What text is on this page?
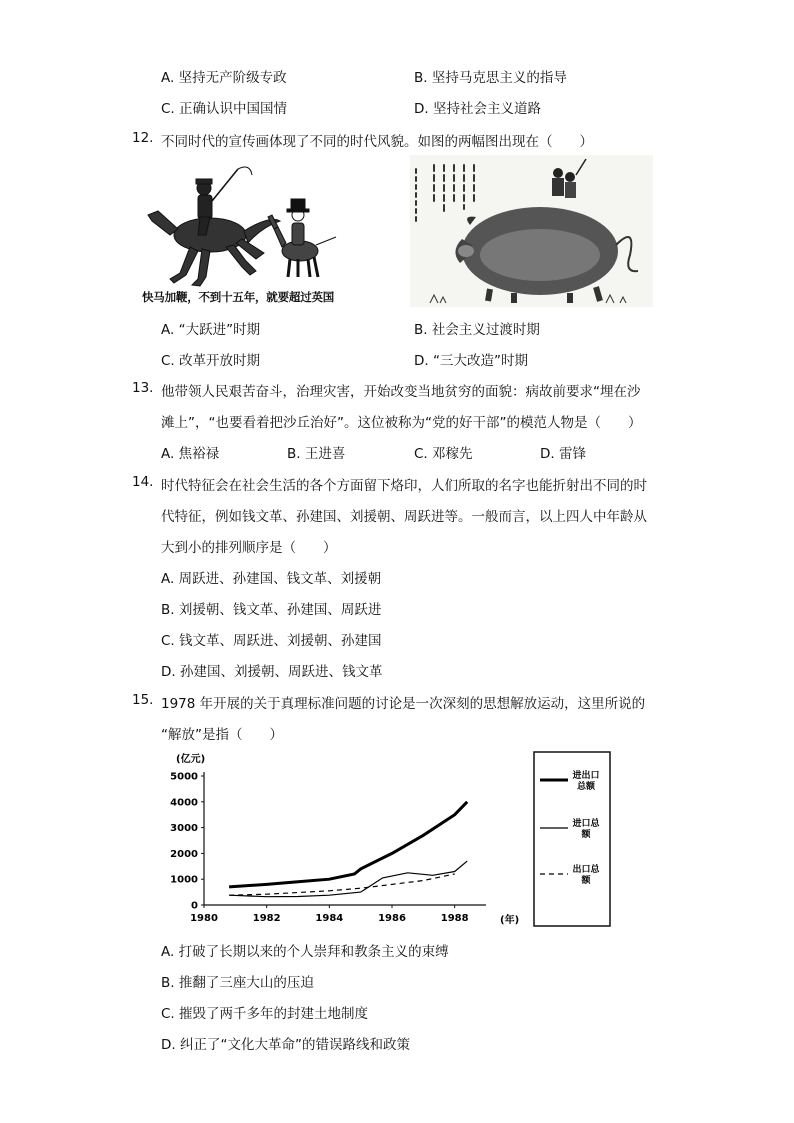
A. 坚持无产阶级专政	B. 坚持马克思主义的指导
C. 正确认识中国国情	D. 坚持社会主义道路
12. 不同时代的宣传画体现了不同的时代风貌。如图的两幅图出现在（　　）
快马加鞭，不到十五年，就要超过英国
A. “大跃进”时期	B. 社会主义过渡时期
C. 改革开放时期	D. “三大改造”时期
13. 他带领人民艰苦奋斗，治理灾害，开始改变当地贫穷的面貌：病故前要求“埋在沙
滩上”，“也要看着把沙丘治好”。这位被称为“党的好干部”的模范人物是（　　）
A. 焦裕禄	B. 王进喜	C. 邓稼先	D. 雷锋
14. 时代特征会在社会生活的各个方面留下烙印，人们所取的名字也能折射出不同的时
代特征，例如钱文革、孙建国、刘援朝、周跃进等。一般而言，以上四人中年龄从
大到小的排列顺序是（　　）
A. 周跃进、孙建国、钱文革、刘援朝
B. 刘援朝、钱文革、孙建国、周跃进
C. 钱文革、周跃进、刘援朝、孙建国
D. 孙建国、刘援朝、周跃进、钱文革
15. 1978 年开展的关于真理标准问题的讨论是一次深刻的思想解放运动，这里所说的
“解放”是指（　　）
(亿元)
(年)
0
1000
2000
3000
4000
5000
1980	1982	1984	1986	1988
进出口
总额
进口总
额
出口总
额
A. 打破了长期以来的个人崇拜和教条主义的束缚
B. 推翻了三座大山的压迫
C. 摧毁了两千多年的封建土地制度
D. 纠正了“文化大革命”的错误路线和政策
